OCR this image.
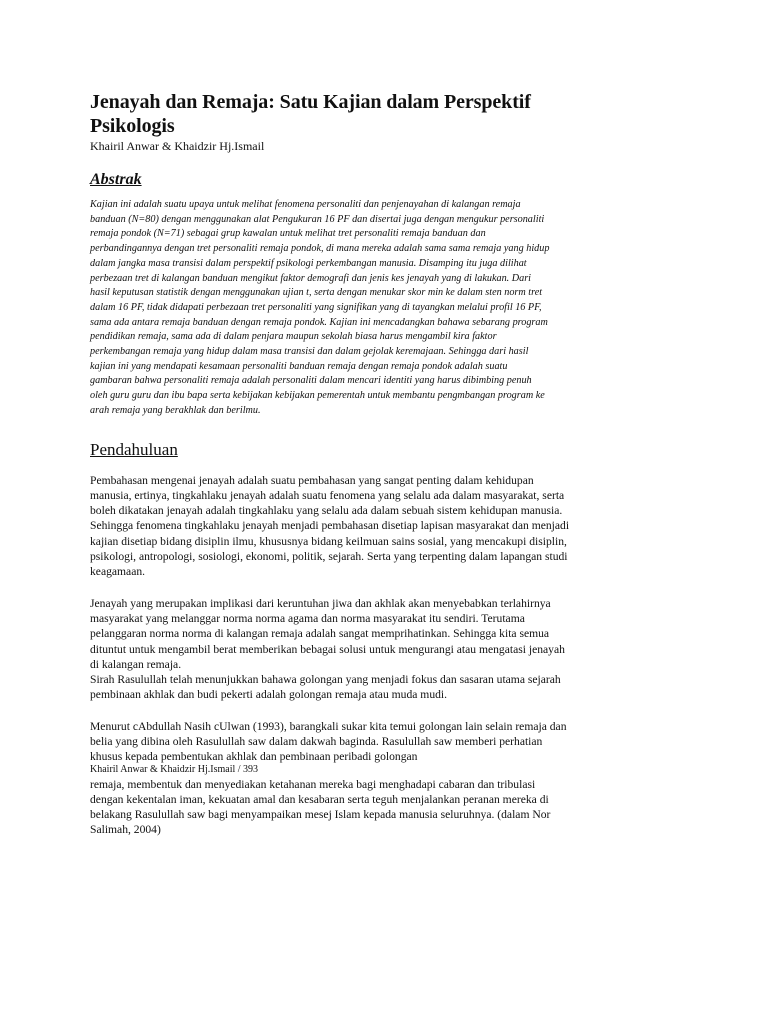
Jenayah dan Remaja: Satu Kajian dalam Perspektif Psikologis
Khairil Anwar & Khaidzir Hj.Ismail
Abstrak

Kajian ini adalah suatu upaya untuk melihat fenomena personaliti dan penjenayahan di kalangan remaja banduan (N=80) dengan menggunakan alat Pengukuran 16 PF dan disertai juga dengan mengukur personaliti remaja pondok (N=71) sebagai grup kawalan untuk melihat tret personaliti remaja banduan dan perbandingannya dengan tret personaliti remaja pondok, di mana mereka adalah sama sama remaja yang hidup dalam jangka masa transisi dalam perspektif psikologi perkembangan manusia. Disamping itu juga dilihat perbezaan tret di kalangan banduan mengikut faktor demografi dan jenis kes jenayah yang di lakukan. Dari hasil keputusan statistik dengan menggunakan ujian t, serta dengan menukar skor min ke dalam sten norm tret dalam 16 PF, tidak didapati perbezaan tret personaliti yang signifikan yang di tayangkan melalui profil 16 PF, sama ada antara remaja banduan dengan remaja pondok. Kajian ini mencadangkan bahawa sebarang program pendidikan remaja, sama ada di dalam penjara maupun sekolah biasa harus mengambil kira faktor perkembangan remaja yang hidup dalam masa transisi dan dalam gejolak keremajaan. Sehingga dari hasil kajian ini yang mendapati kesamaan personaliti banduan remaja dengan remaja pondok adalah suatu gambaran bahwa personaliti remaja adalah personaliti dalam mencari identiti yang harus dibimbing penuh oleh guru guru dan ibu bapa serta kebijakan kebijakan pemerentah untuk membantu pengmbangan program ke arah remaja yang berakhlak dan berilmu.

Pendahuluan

Pembahasan mengenai jenayah adalah suatu pembahasan yang sangat penting dalam kehidupan manusia, ertinya, tingkahlaku jenayah adalah suatu fenomena yang selalu ada dalam masyarakat, serta boleh dikatakan jenayah adalah tingkahlaku yang selalu ada dalam sebuah sistem kehidupan manusia. Sehingga fenomena tingkahlaku jenayah menjadi pembahasan disetiap lapisan masyarakat dan menjadi kajian disetiap bidang disiplin ilmu, khususnya bidang keilmuan sains sosial, yang mencakupi disiplin, psikologi, antropologi, sosiologi, ekonomi, politik, sejarah. Serta yang terpenting dalam lapangan studi keagamaan.

Jenayah yang merupakan implikasi dari keruntuhan jiwa dan akhlak akan menyebabkan terlahirnya masyarakat yang melanggar norma norma agama dan norma masyarakat itu sendiri. Terutama pelanggaran norma norma di kalangan remaja adalah sangat memprihatinkan. Sehingga kita semua dituntut untuk mengambil berat memberikan bebagai solusi untuk mengurangi atau mengatasi jenayah di kalangan remaja.

Sirah Rasulullah telah menunjukkan bahawa golongan yang menjadi fokus dan sasaran utama sejarah pembinaan akhlak dan budi pekerti adalah golongan remaja atau muda mudi.

Menurut cAbdullah Nasih cUlwan (1993), barangkali sukar kita temui golongan lain selain remaja dan belia yang dibina oleh Rasulullah saw dalam dakwah baginda. Rasulullah saw memberi perhatian khusus kepada pembentukan akhlak dan pembinaan peribadi golongan

Khairil Anwar & Khaidzir Hj.Ismail / 393

remaja, membentuk dan menyediakan ketahanan mereka bagi menghadapi cabaran dan tribulasi dengan kekentalan iman, kekuatan amal dan kesabaran serta teguh menjalankan peranan mereka di belakang Rasulullah saw bagi menyampaikan mesej Islam kepada manusia seluruhnya. (dalam Nor Salimah, 2004)
